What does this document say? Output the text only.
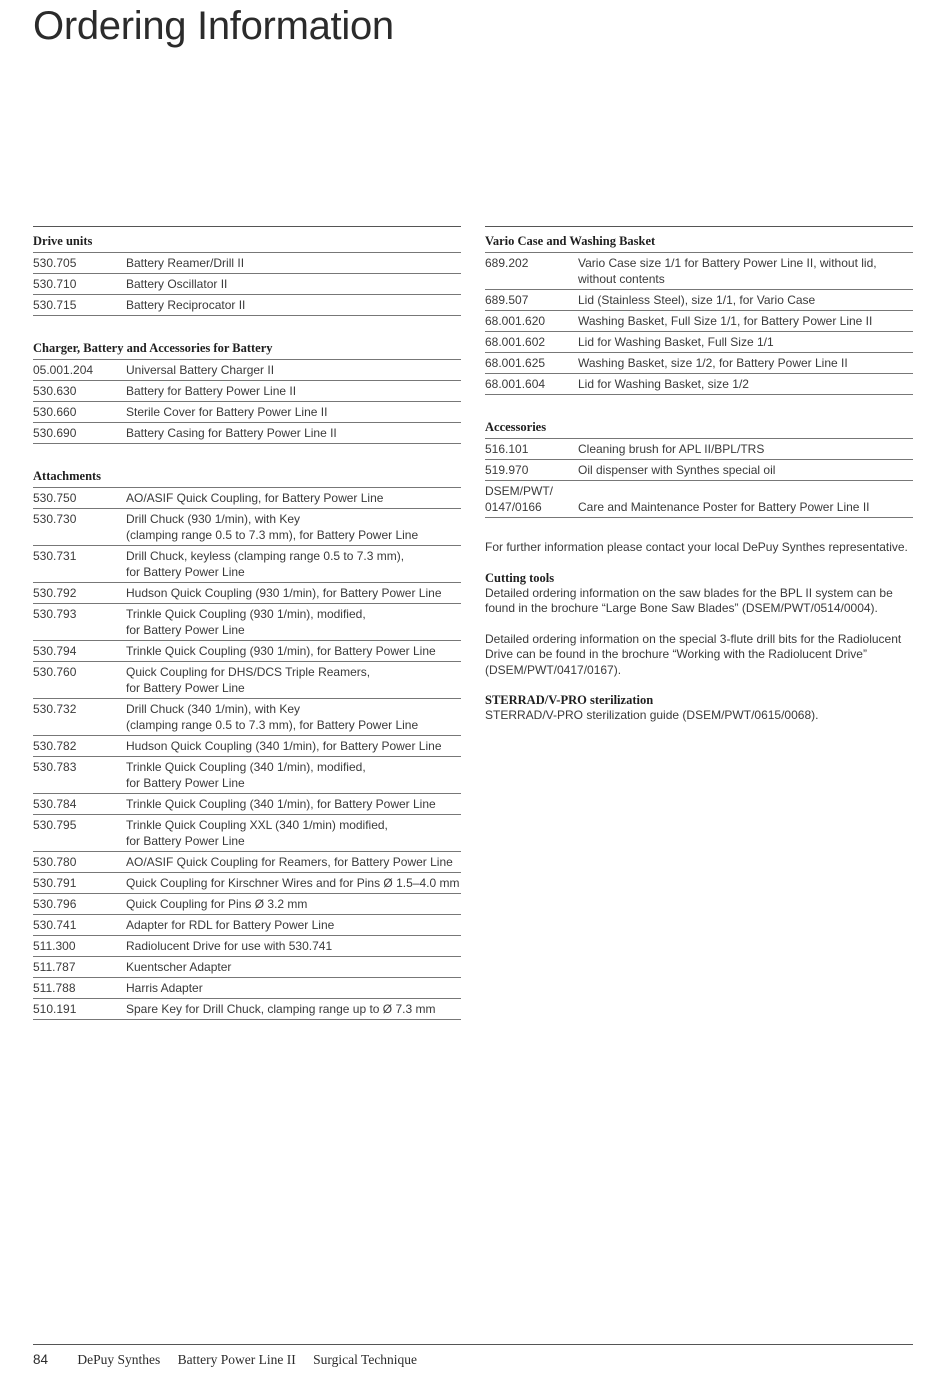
Ordering Information
Drive units
530.705	Battery Reamer/Drill II
530.710	Battery Oscillator II
530.715	Battery Reciprocator II
Charger, Battery and Accessories for Battery
05.001.204	Universal Battery Charger II
530.630	Battery for Battery Power Line II
530.660	Sterile Cover for Battery Power Line II
530.690	Battery Casing for Battery Power Line II
Attachments
530.750	AO/ASIF Quick Coupling, for Battery Power Line
530.730	Drill Chuck (930 1/min), with Key
(clamping range 0.5 to 7.3 mm), for Battery Power Line
530.731	Drill Chuck, keyless (clamping range 0.5 to 7.3 mm),
for Battery Power Line
530.792	Hudson Quick Coupling (930 1/min), for Battery Power Line
530.793	Trinkle Quick Coupling (930 1/min), modified,
for Battery Power Line
530.794	Trinkle Quick Coupling (930 1/min), for Battery Power Line
530.760	Quick Coupling for DHS/DCS Triple Reamers,
for Battery Power Line
530.732	Drill Chuck (340 1/min), with Key
(clamping range 0.5 to 7.3 mm), for Battery Power Line
530.782	Hudson Quick Coupling (340 1/min), for Battery Power Line
530.783	Trinkle Quick Coupling (340 1/min), modified,
for Battery Power Line
530.784	Trinkle Quick Coupling (340 1/min), for Battery Power Line
530.795	Trinkle Quick Coupling XXL (340 1/min) modified,
for Battery Power Line
530.780	AO/ASIF Quick Coupling for Reamers, for Battery Power Line
530.791	Quick Coupling for Kirschner Wires and for Pins Ø 1.5–4.0 mm
530.796	Quick Coupling for Pins Ø 3.2 mm
530.741	Adapter for RDL for Battery Power Line
511.300	Radiolucent Drive for use with 530.741
511.787	Kuentscher Adapter
511.788	Harris Adapter
510.191	Spare Key for Drill Chuck, clamping range up to Ø 7.3 mm
Vario Case and Washing Basket
689.202	Vario Case size 1/1 for Battery Power Line II, without lid,
without contents
689.507	Lid (Stainless Steel), size 1/1, for Vario Case
68.001.620	Washing Basket, Full Size 1/1, for Battery Power Line II
68.001.602	Lid for Washing Basket, Full Size 1/1
68.001.625	Washing Basket, size 1/2, for Battery Power Line II
68.001.604	Lid for Washing Basket, size 1/2
Accessories
516.101	Cleaning brush for APL II/BPL/TRS
519.970	Oil dispenser with Synthes special oil
DSEM/PWT/
0147/0166	Care and Maintenance Poster for Battery Power Line II

For further information please contact your local DePuy Synthes representative.

Cutting tools

Detailed ordering information on the saw blades for the BPL II system can be found in the brochure “Large Bone Saw Blades” (DSEM/PWT/0514/0004).

Detailed ordering information on the special 3-flute drill bits for the Radiolucent Drive can be found in the brochure “Working with the Radiolucent Drive” (DSEM/PWT/0417/0167).

STERRAD/V-PRO sterilization

STERRAD/V-PRO sterilization guide (DSEM/PWT/0615/0068).

84 DePuy Synthes Battery Power Line II Surgical Technique
